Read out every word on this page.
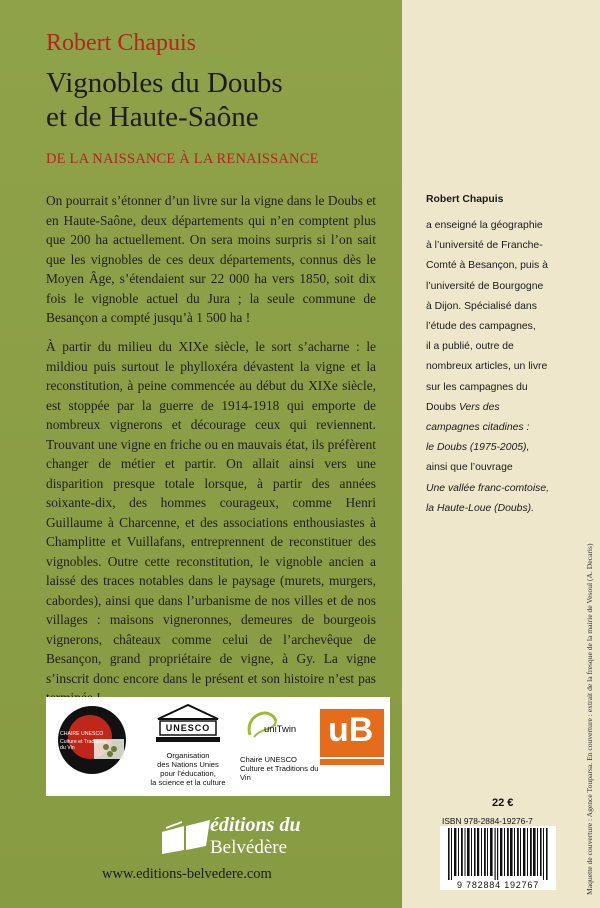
Robert Chapuis
Vignobles du Doubs
et de Haute-Saône
DE LA NAISSANCE À LA RENAISSANCE

On pourrait s’étonner d’un livre sur la vigne dans le Doubs et en Haute-Saône, deux départements qui n’en comptent plus que 200 ha actuellement. On sera moins surpris si l’on sait que les vignobles de ces deux départements, connus dès le Moyen Âge, s’étendaient sur 22 000 ha vers 1850, soit dix fois le vignoble actuel du Jura ; la seule commune de Besançon a compté jusqu’à 1 500 ha !

À partir du milieu du XIXe siècle, le sort s’acharne : le mildiou puis surtout le phylloxéra dévastent la vigne et la reconstitution, à peine commencée au début du XIXe siècle, est stoppée par la guerre de 1914-1918 qui emporte de nombreux vignerons et décourage ceux qui reviennent. Trouvant une vigne en friche ou en mauvais état, ils préfèrent changer de métier et partir. On allait ainsi vers une disparition presque totale lorsque, à partir des années soixante-dix, des hommes courageux, comme Henri Guillaume à Charcenne, et des associations enthousiastes à Champlitte et Vuillafans, entreprennent de reconstituer des vignobles. Outre cette reconstitution, le vignoble ancien a laissé des traces notables dans le paysage (murets, murgers, cabordes), ainsi que dans l’urbanisme de nos villes et de nos villages : maisons vigneronnes, demeures de bourgeois vignerons, châteaux comme celui de l’archevêque de Besançon, grand propriétaire de vigne, à Gy. La vigne s’inscrit donc encore dans le présent et son histoire n’est pas

CHAIRE UNESCO
Culture et Traditions du Vin
UNESCO
Organisation
des Nations Unies
pour l’éducation,
la science et la culture
uniTwin
Chaire UNESCO
Culture et Traditions du Vin
uB
éditions du
Belvédère
www.editions-belvedere.com
Robert Chapuis
a enseigné la géographie
à l’université de Franche-
Comté à Besançon, puis à
l’université de Bourgogne
à Dijon. Spécialisé dans
l’étude des campagnes,
il a publié, outre de
nombreux articles, un livre
sur les campagnes du
Doubs Vers des
campagnes citadines :
le Doubs (1975-2005),
ainsi que l’ouvrage
Une vallée franc-comtoise,
la Haute-Loue (Doubs).
22 €
ISBN 978-2884-19276-7
9 782884 192767	Maquette de couverture : Agence Touparsa. En couverture : extrait de la fresque de la mairie de Vesoul (A. Decaris)
